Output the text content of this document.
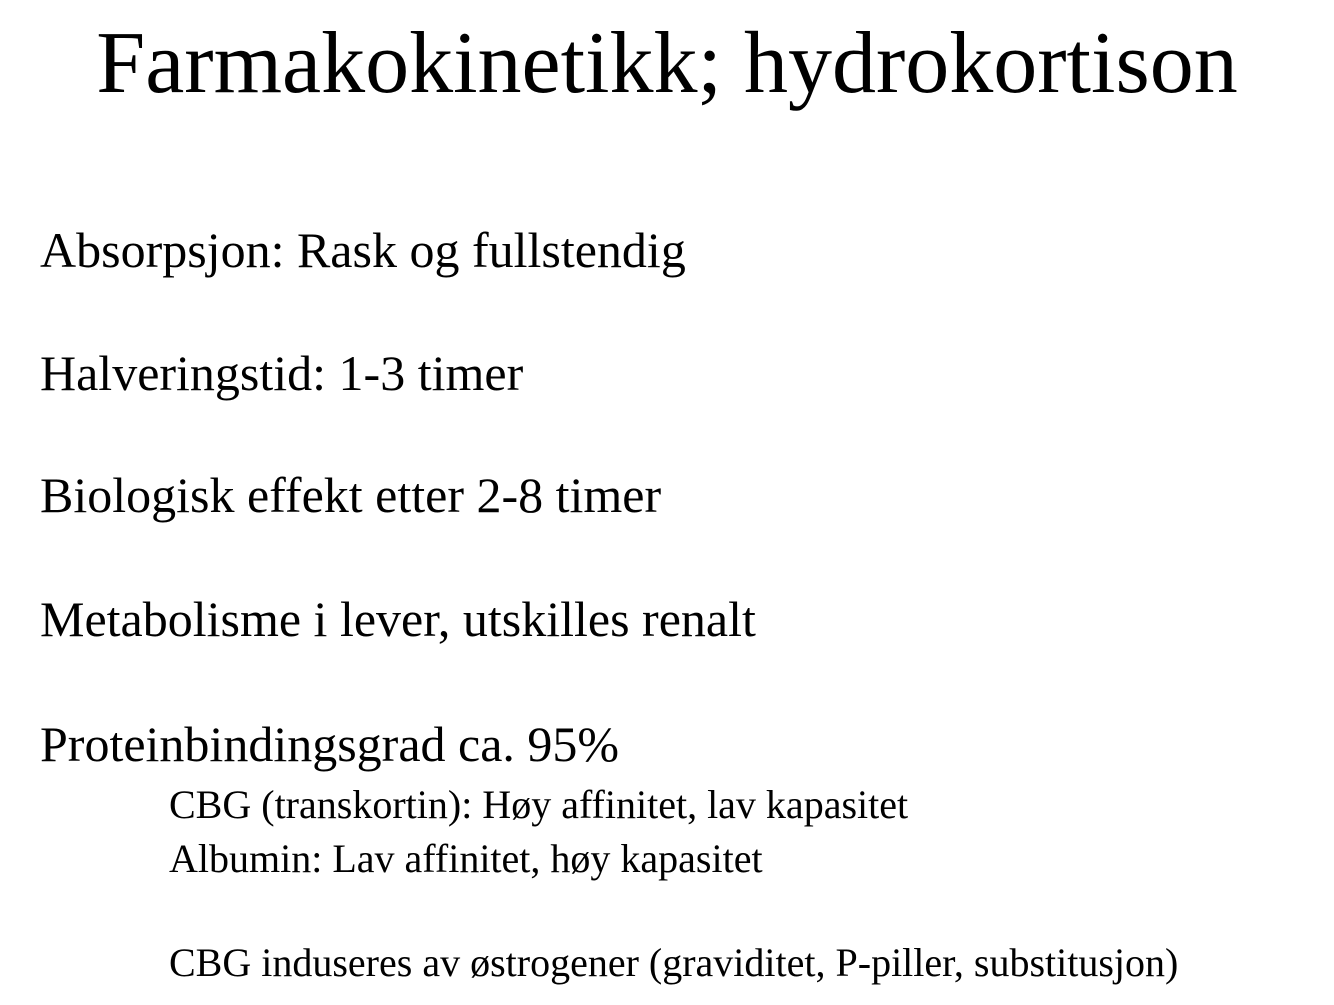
Farmakokinetikk; hydrokortison
Absorpsjon: Rask og fullstendig
Halveringstid: 1-3 timer
Biologisk effekt etter 2-8 timer
Metabolisme i lever, utskilles renalt
Proteinbindingsgrad ca. 95%
CBG (transkortin): Høy affinitet, lav kapasitet
Albumin: Lav affinitet, høy kapasitet
CBG induseres av østrogener (graviditet, P-piller, substitusjon)
